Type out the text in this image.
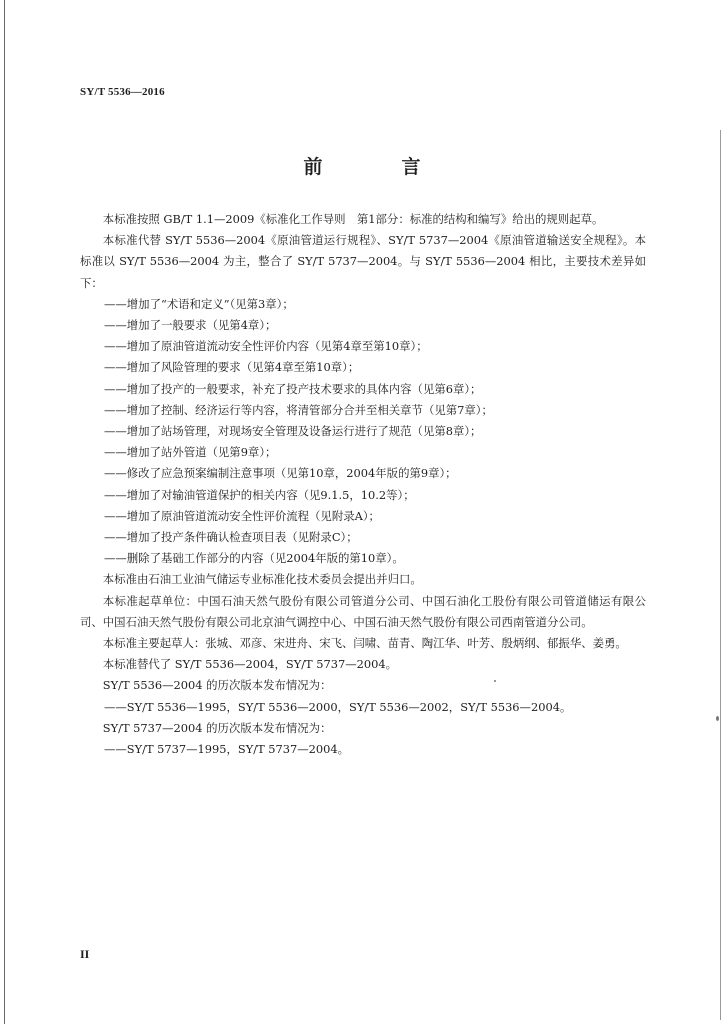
SY/T 5536—2016
前　言

本标准按照 GB/T 1.1—2009《标准化工作导则　第1部分：标准的结构和编写》给出的规则起草。

本标准代替 SY/T 5536—2004《原油管道运行规程》、SY/T 5737—2004《原油管道输送安全规程》。本标准以 SY/T 5536—2004 为主，整合了 SY/T 5737—2004。与 SY/T 5536—2004 相比，主要技术差异如下：

——增加了“术语和定义”（见第3章）；

——增加了一般要求（见第4章）；

——增加了原油管道流动安全性评价内容（见第4章至第10章）；

——增加了风险管理的要求（见第4章至第10章）；

——增加了投产的一般要求，补充了投产技术要求的具体内容（见第6章）；

——增加了控制、经济运行等内容，将清管部分合并至相关章节（见第7章）；

——增加了站场管理，对现场安全管理及设备运行进行了规范（见第8章）；

——增加了站外管道（见第9章）；

——修改了应急预案编制注意事项（见第10章，2004年版的第9章）；

——增加了对输油管道保护的相关内容（见9.1.5，10.2等）；

——增加了原油管道流动安全性评价流程（见附录A）；

——增加了投产条件确认检查项目表（见附录C）；

——删除了基础工作部分的内容（见2004年版的第10章）。

本标准由石油工业油气储运专业标准化技术委员会提出并归口。

本标准起草单位：中国石油天然气股份有限公司管道分公司、中国石油化工股份有限公司管道储运有限公司、中国石油天然气股份有限公司北京油气调控中心、中国石油天然气股份有限公司西南管道分公司。

本标准主要起草人：张城、邓彦、宋进舟、宋飞、闫啸、苗青、陶江华、叶芳、殷炳纲、郁振华、姜勇。

本标准替代了 SY/T 5536—2004，SY/T 5737—2004。

SY/T 5536—2004 的历次版本发布情况为：

——SY/T 5536—1995，SY/T 5536—2000，SY/T 5536—2002，SY/T 5536—2004。

SY/T 5737—2004 的历次版本发布情况为：

——SY/T 5737—1995，SY/T 5737—2004。

II
